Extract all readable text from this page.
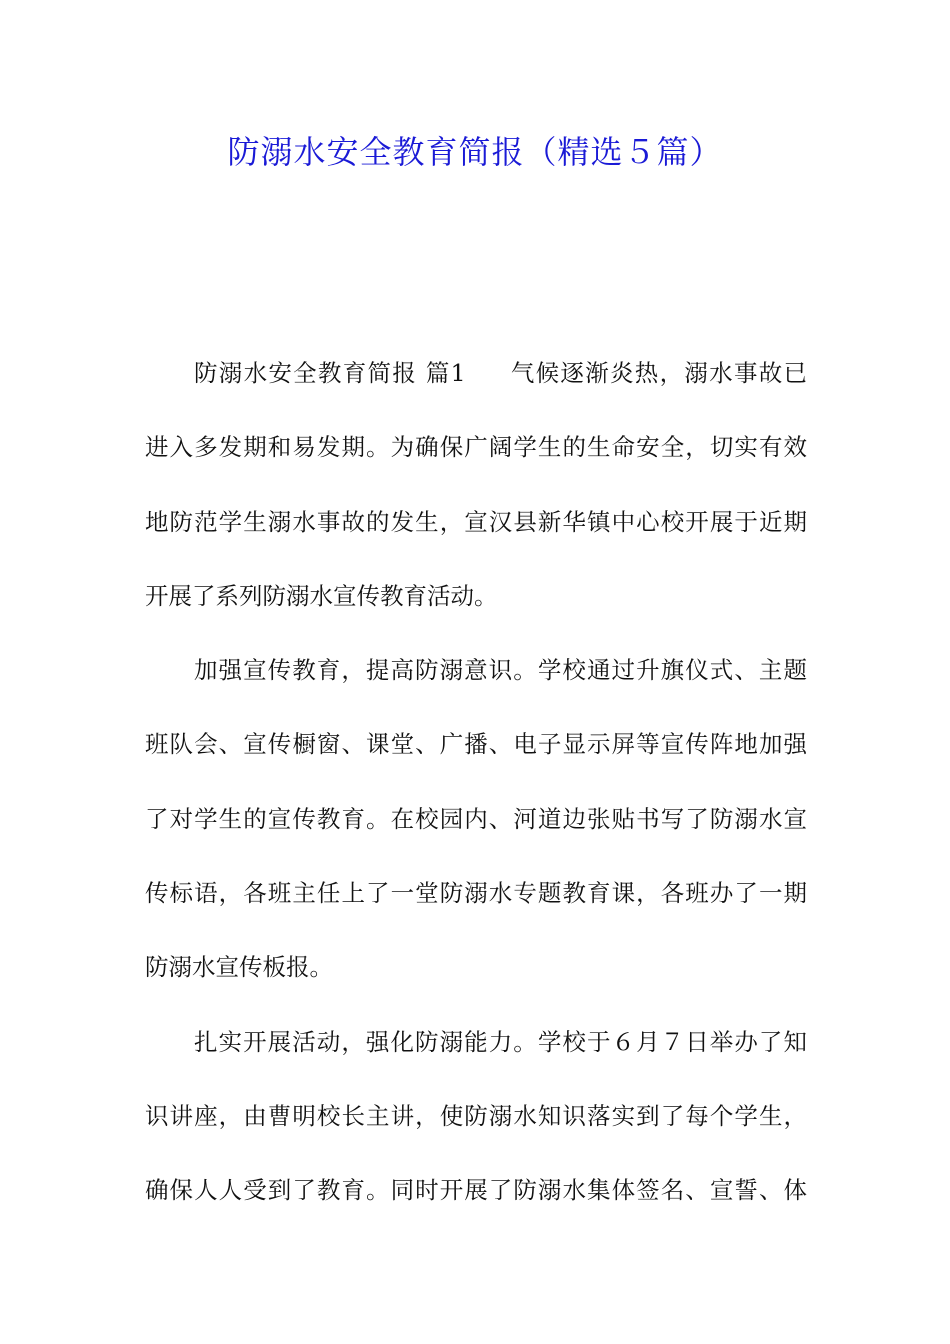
防溺水安全教育简报（精选５篇）
防溺水安全教育简报 篇1 气候逐渐炎热，溺水事故已
进入多发期和易发期。为确保广阔学生的生命安全，切实有效
地防范学生溺水事故的发生，宣汉县新华镇中心校开展于近期
开展了系列防溺水宣传教育活动。
加强宣传教育，提高防溺意识。学校通过升旗仪式、主题
班队会、宣传橱窗、课堂、广播、电子显示屏等宣传阵地加强
了对学生的宣传教育。在校园内、河道边张贴书写了防溺水宣
传标语，各班主任上了一堂防溺水专题教育课，各班办了一期
防溺水宣传板报。
扎实开展活动，强化防溺能力。学校于６月７日举办了知
识讲座，由曹明校长主讲，使防溺水知识落实到了每个学生，
确保人人受到了教育。同时开展了防溺水集体签名、宣誓、体
